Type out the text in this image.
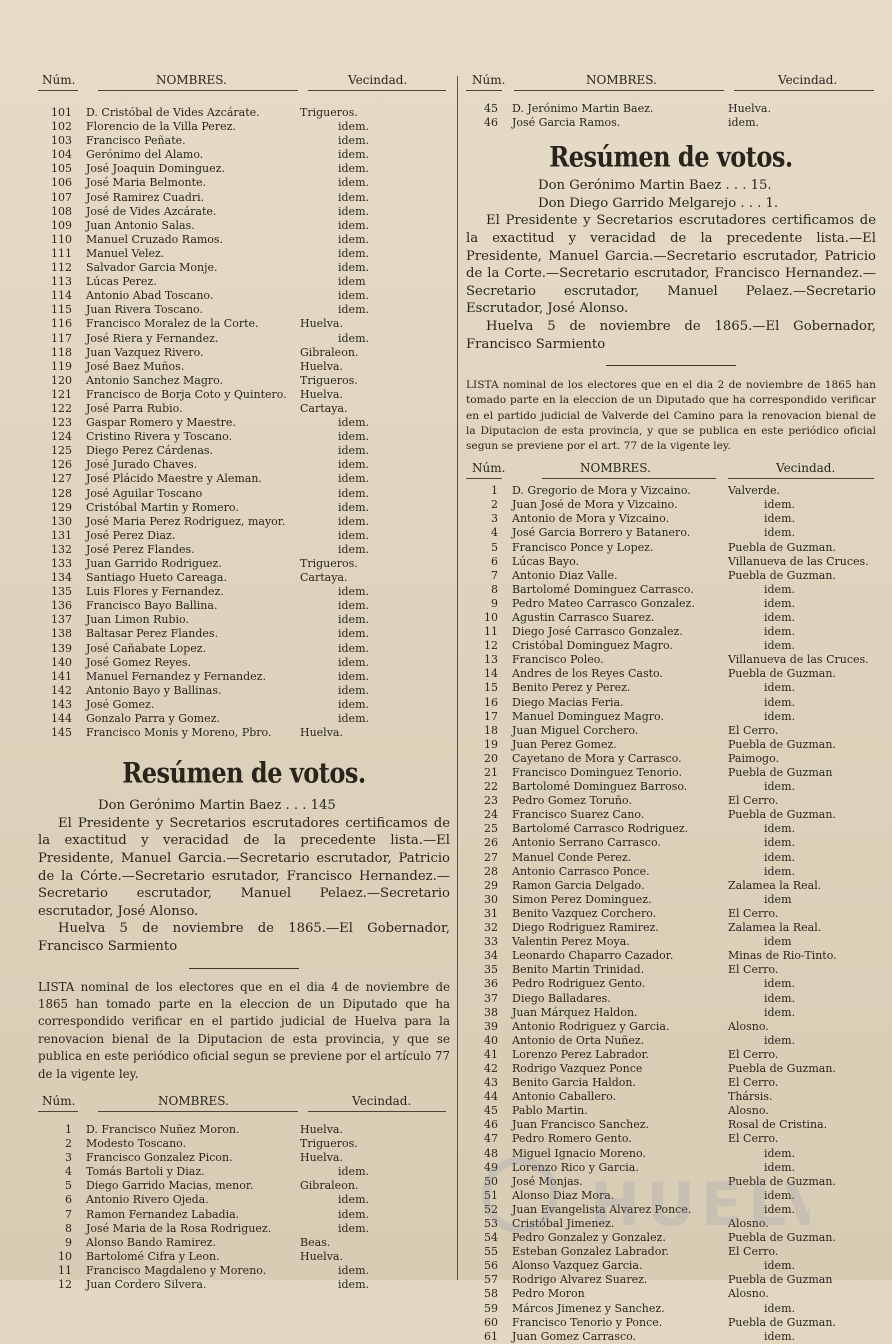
Núm.	NOMBRES.	Vecindad.
101 D. Cristóbal de Vides Azcárate.	Trigueros.
102 Florencio de la Villa Perez.	idem.
103 Francisco Peñate.	idem.
104 Gerónimo del Alamo.	idem.
105 José Joaquin Dominguez.	idem.
106 José Maria Belmonte.	idem.
107 José Ramirez Cuadri.	idem.
108 José de Vides Azcárate.	idem.
109 Juan Antonio Salas.	idem.
110 Manuel Cruzado Ramos.	idem.
111 Manuel Velez.	idem.
112 Salvador Garcia Monje.	idem.
113 Lúcas Perez.	idem
114 Antonio Abad Toscano.	idem.
115 Juan Rivera Toscano.	idem.
116 Francisco Moralez de la Corte.	Huelva.
117 José Riera y Fernandez.	idem.
118 Juan Vazquez Rivero.	Gibraleon.
119 José Baez Muños.	Huelva.
120 Antonio Sanchez Magro.	Trigueros.
121 Francisco de Borja Coto y Quintero. Huelva.
122 José Parra Rubio.	Cartaya.
123 Gaspar Romero y Maestre.	idem.
124 Cristino Rivera y Toscano.	idem.
125 Diego Perez Cárdenas.	idem.
126 José Jurado Chaves.	idem.
127 José Plácido Maestre y Aleman.	idem.
128 José Aguilar Toscano	idem.
129 Cristóbal Martin y Romero.	idem.
130 José Maria Perez Rodriguez, mayor.	idem.
131 José Perez Diaz.	idem.
132 José Perez Flandes.	idem.
133 Juan Garrido Rodriguez.	Trigueros.
134 Santiago Hueto Careaga.	Cartaya.
135 Luis Flores y Fernandez.	idem.
136 Francisco Bayo Ballina.	idem.
137 Juan Limon Rubio.	idem.
138 Baltasar Perez Flandes.	idem.
139 José Cañabate Lopez.	idem.
140 José Gomez Reyes.	idem.
141 Manuel Fernandez y Fernandez.	idem.
142 Antonio Bayo y Ballinas.	idem.
143 José Gomez.	idem.
144 Gonzalo Parra y Gomez.	idem.
145 Francisco Monis y Moreno, Pbro.	Huelva.
Resúmen de votos.
Don Gerónimo Martin Baez . . . 145
El Presidente y Secretarios escrutadores certificamos de la exactitud y veracidad de la precedente lista.—El Presidente, Manuel Garcia.—Secretario escrutador, Patricio de la Córte.—Secretario esrutador, Francisco Hernandez.—Secretario escrutador, Manuel Pelaez.—Secretario escrutador, José Alonso.
Huelva 5 de noviembre de 1865.—El Gobernador, Francisco Sarmiento
LISTA nominal de los electores que en el dia 4 de noviembre de 1865 han tomado parte en la eleccion de un Diputado que ha correspondido verificar en el partido judicial de Huelva para la renovacion bienal de la Diputacion de esta provincia, y que se publica en este periódico oficial segun se previene por el artículo 77 de la vigente ley.
Núm.	NOMBRES.	Vecindad.
1 D. Francisco Nuñez Moron.	Huelva.
2 Modesto Toscano.	Trigueros.
3 Francisco Gonzalez Picon.	Huelva.
4 Tomás Bartoli y Diaz.	idem.
5 Diego Garrido Macias, menor.	Gibraleon.
6 Antonio Rivero Ojeda.	idem.
7 Ramon Fernandez Labadia.	idem.
8 José Maria de la Rosa Rodriguez.	idem.
9 Alonso Bando Ramirez.	Beas.
10 Bartolomé Cifra y Leon.	Huelva.
11 Francisco Magdaleno y Moreno.	idem.
12 Juan Cordero Silvera.	idem.
Núm.	NOMBRES.	Vecindad.
45 D. Jerónimo Martin Baez.	Huelva.
46 José Garcia Ramos.	idem.
Resúmen de votos.
Don Gerónimo Martin Baez . . . 15.
Don Diego Garrido Melgarejo . . . 1.
El Presidente y Secretarios escrutadores certificamos de la exactitud y veracidad de la precedente lista.—El Presidente, Manuel Garcia.—Secretario escrutador, Patricio de la Corte.—Secretario escrutador, Francisco Hernandez.—Secretario escrutador, Manuel Pelaez.—Secretario Escrutador, José Alonso.
Huelva 5 de noviembre de 1865.—El Gobernador, Francisco Sarmiento
LISTA nominal de los electores que en el dia 2 de noviembre de 1865 han tomado parte en la eleccion de un Diputado que ha correspondido verificar en el partido judicial de Valverde del Camino para la renovacion bienal de la Diputacion de esta provincia, y que se publica en este periódico oficial segun se previene por el art. 77 de la vigente ley.
Núm.	NOMBRES.	Vecindad.
1 D. Gregorio de Mora y Vizcaino.	Valverde.
2 Juan José de Mora y Vizcaino.	idem.
3 Antonio de Mora y Vizcaino.	idem.
4 José Garcia Borrero y Batanero.	idem.
5 Francisco Ponce y Lopez.	Puebla de Guzman.
6 Lúcas Bayo.	Villanueva de las Cruces.
7 Antonio Diaz Valle.	Puebla de Guzman.
8 Bartolomé Dominguez Carrasco.	idem.
9 Pedro Mateo Carrasco Gonzalez.	idem.
10 Agustin Carrasco Suarez.	idem.
11 Diego José Carrasco Gonzalez.	idem.
12 Cristóbal Dominguez Magro.	idem.
13 Francisco Poleo.	Villanueva de las Cruces.
14 Andres de los Reyes Casto.	Puebla de Guzman.
15 Benito Perez y Perez.	idem.
16 Diego Macias Feria.	idem.
17 Manuel Dominguez Magro.	idem.
18 Juan Miguel Corchero.	El Cerro.
19 Juan Perez Gomez.	Puebla de Guzman.
20 Cayetano de Mora y Carrasco.	Paimogo.
21 Francisco Dominguez Tenorio.	Puebla de Guzman
22 Bartolomé Dominguez Barroso.	idem.
23 Pedro Gomez Toruño.	El Cerro.
24 Francisco Suarez Cano.	Puebla de Guzman.
25 Bartolomé Carrasco Rodriguez.	idem.
26 Antonio Serrano Carrasco.	idem.
27 Manuel Conde Perez.	idem.
28 Antonio Carrasco Ponce.	idem.
29 Ramon Garcia Delgado.	Zalamea la Real.
30 Simon Perez Dominguez.	idem
31 Benito Vazquez Corchero.	El Cerro.
32 Diego Rodriguez Ramirez.	Zalamea la Real.
33 Valentin Perez Moya.	idem
34 Leonardo Chaparro Cazador.	Minas de Rio-Tinto.
35 Benito Martin Trinidad.	El Cerro.
36 Pedro Rodriguez Gento.	idem.
37 Diego Balladares.	idem.
38 Juan Márquez Haldon.	idem.
39 Antonio Rodriguez y Garcia.	Alosno.
40 Antonio de Orta Nuñez.	idem.
41 Lorenzo Perez Labrador.	El Cerro.
42 Rodrigo Vazquez Ponce	Puebla de Guzman.
43 Benito Garcia Haldon.	El Cerro.
44 Antonio Caballero.	Thársis.
45 Pablo Martin.	Alosno.
46 Juan Francisco Sanchez.	Rosal de Cristina.
47 Pedro Romero Gento.	El Cerro.
48 Miguel Ignacio Moreno.	idem.
49 Lorenzo Rico y Garcia.	idem.
50 José Monjas.	Puebla de Guzman.
51 Alonso Diaz Mora.	idem.
52 Juan Evangelista Alvarez Ponce.	idem.
53 Cristóbal Jimenez.	Alosno.
54 Pedro Gonzalez y Gonzalez.	Puebla de Guzman.
55 Esteban Gonzalez Labrador.	El Cerro.
56 Alonso Vazquez Garcia.	idem.
57 Rodrigo Alvarez Suarez.	Puebla de Guzman
58 Pedro Moron	Alosno.
59 Márcos Jimenez y Sanchez.	idem.
60 Francisco Tenorio y Ponce.	Puebla de Guzman.
61 Juan Gomez Carrasco.	idem.
HUELV
